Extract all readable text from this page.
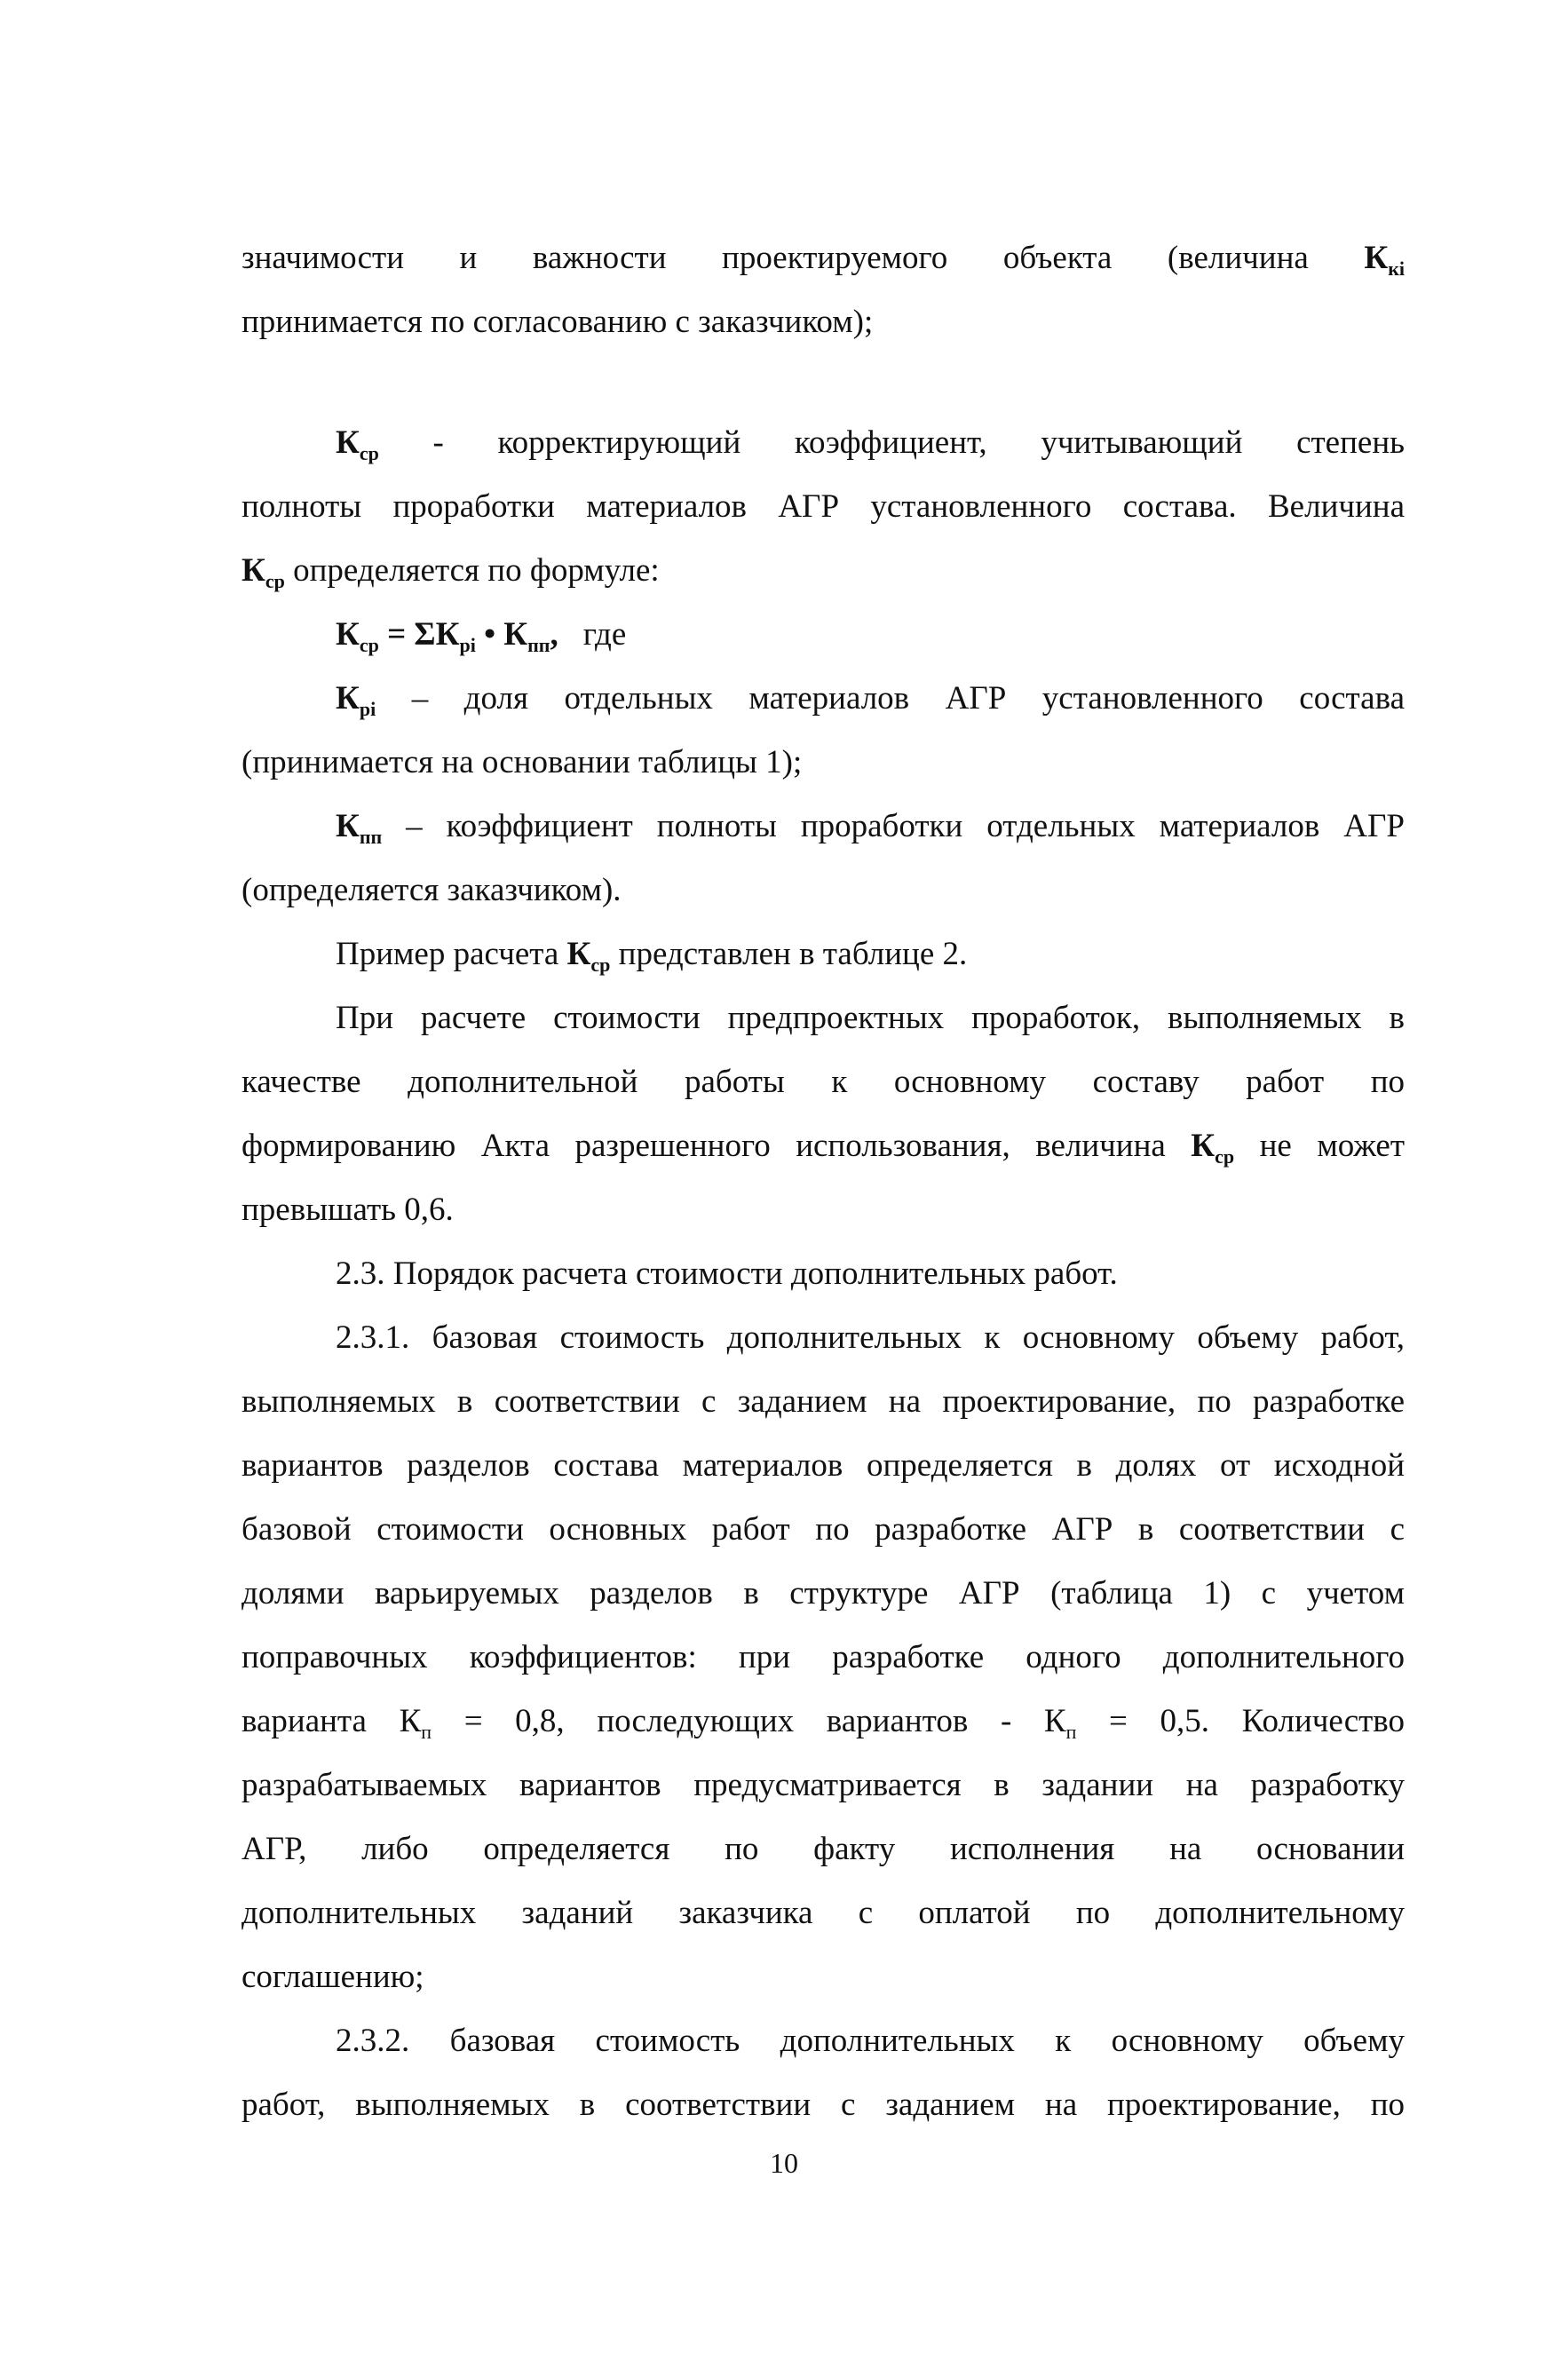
значимости и важности проектируемого объекта (величина $К_{кi}$
принимается по согласованию с заказчиком);
$К_{ср}$ - корректирующий коэффициент, учитывающий степень
полноты проработки материалов АГР установленного состава. Величина
$К_{ср}$ определяется по формуле:
$К_{ср} = \Sigma К_{рi}$ • $К_{пп}$, где
$К_{рi}$ – доля отдельных материалов АГР установленного состава
(принимается на основании таблицы 1);
$К_{пп}$ – коэффициент полноты проработки отдельных материалов АГР
(определяется заказчиком).
Пример расчета $К_{ср}$ представлен в таблице 2.
При расчете стоимости предпроектных проработок, выполняемых в
качестве дополнительной работы к основному составу работ по
формированию Акта разрешенного использования, величина $К_{ср}$ не может
превышать 0,6.
2.3. Порядок расчета стоимости дополнительных работ.
2.3.1. базовая стоимость дополнительных к основному объему работ,
выполняемых в соответствии с заданием на проектирование, по разработке
вариантов разделов состава материалов определяется в долях от исходной
базовой стоимости основных работ по разработке АГР в соответствии с
долями варьируемых разделов в структуре АГР (таблица 1) с учетом
поправочных коэффициентов: при разработке одного дополнительного
варианта $К_п = 0,8$, последующих вариантов - $К_п = 0,5$. Количество
разрабатываемых вариантов предусматривается в задании на разработку
АГР, либо определяется по факту исполнения на основании
дополнительных заданий заказчика с оплатой по дополнительному
соглашению;
2.3.2. базовая стоимость дополнительных к основному объему
работ, выполняемых в соответствии с заданием на проектирование, по
10
